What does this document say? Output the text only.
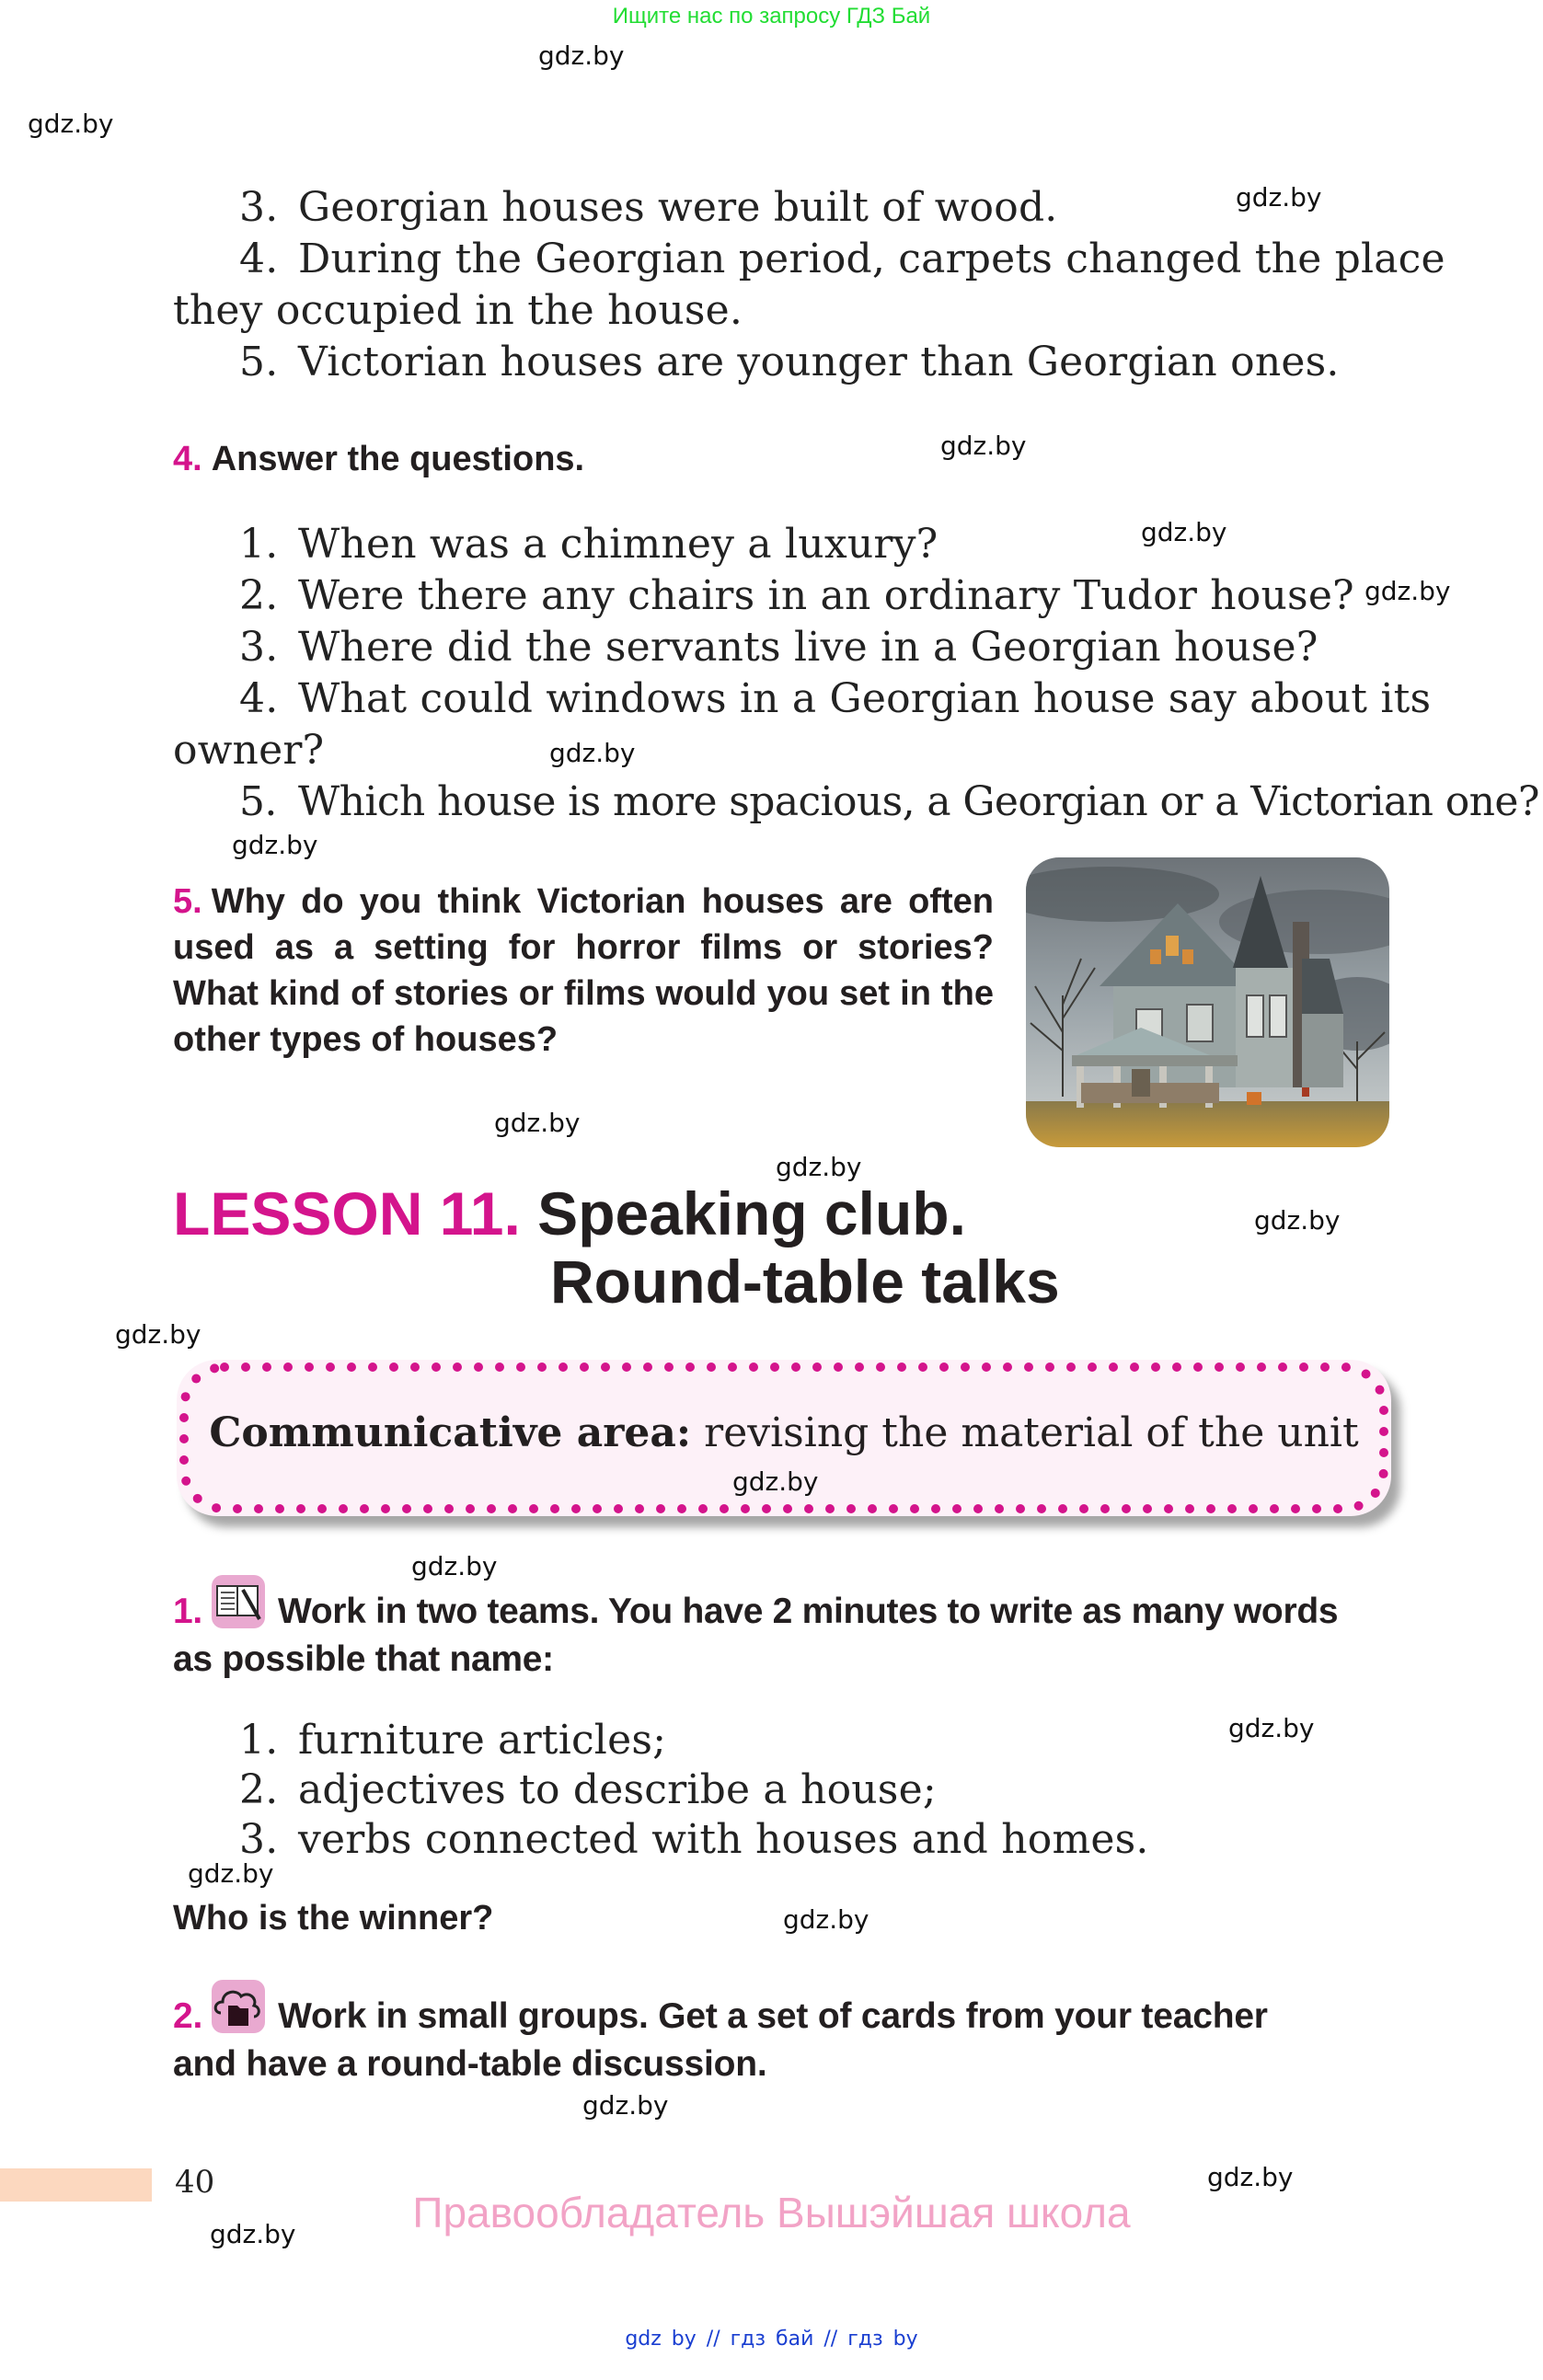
Ищите нас по запросу ГДЗ Бай
3. Georgian houses were built of wood.
4. During the Georgian period, carpets changed the place
they occupied in the house.
5. Victorian houses are younger than Georgian ones.
4. Answer the questions.
1. When was a chimney a luxury?
2. Were there any chairs in an ordinary Tudor house?
3. Where did the servants live in a Georgian house?
4. What could windows in a Georgian house say about its
owner?
5. Which house is more spacious, a Georgian or a Victorian one?
5. Why do you think Victorian houses are often used as a setting for horror films or stories? What kind of stories or films would you set in the other types of houses?
LESSON 11. Speaking club.
Round-table talks
Communicative area: revising the material of the unit
1. Work in two teams. You have 2 minutes to write as many words
as possible that name:
1. furniture articles;
2. adjectives to describe a house;
3. verbs connected with houses and homes.
Who is the winner?
2. Work in small groups. Get a set of cards from your teacher
and have a round-table discussion.
40
Правообладатель Вышэйшая школа
gdz by // гдз бай // гдз by
gdz.by
gdz.by
gdz.by
gdz.by
gdz.by
gdz.by
gdz.by
gdz.by
gdz.by
gdz.by
gdz.by
gdz.by
gdz.by
gdz.by
gdz.by
gdz.by
gdz.by
gdz.by
gdz.by
gdz.by
